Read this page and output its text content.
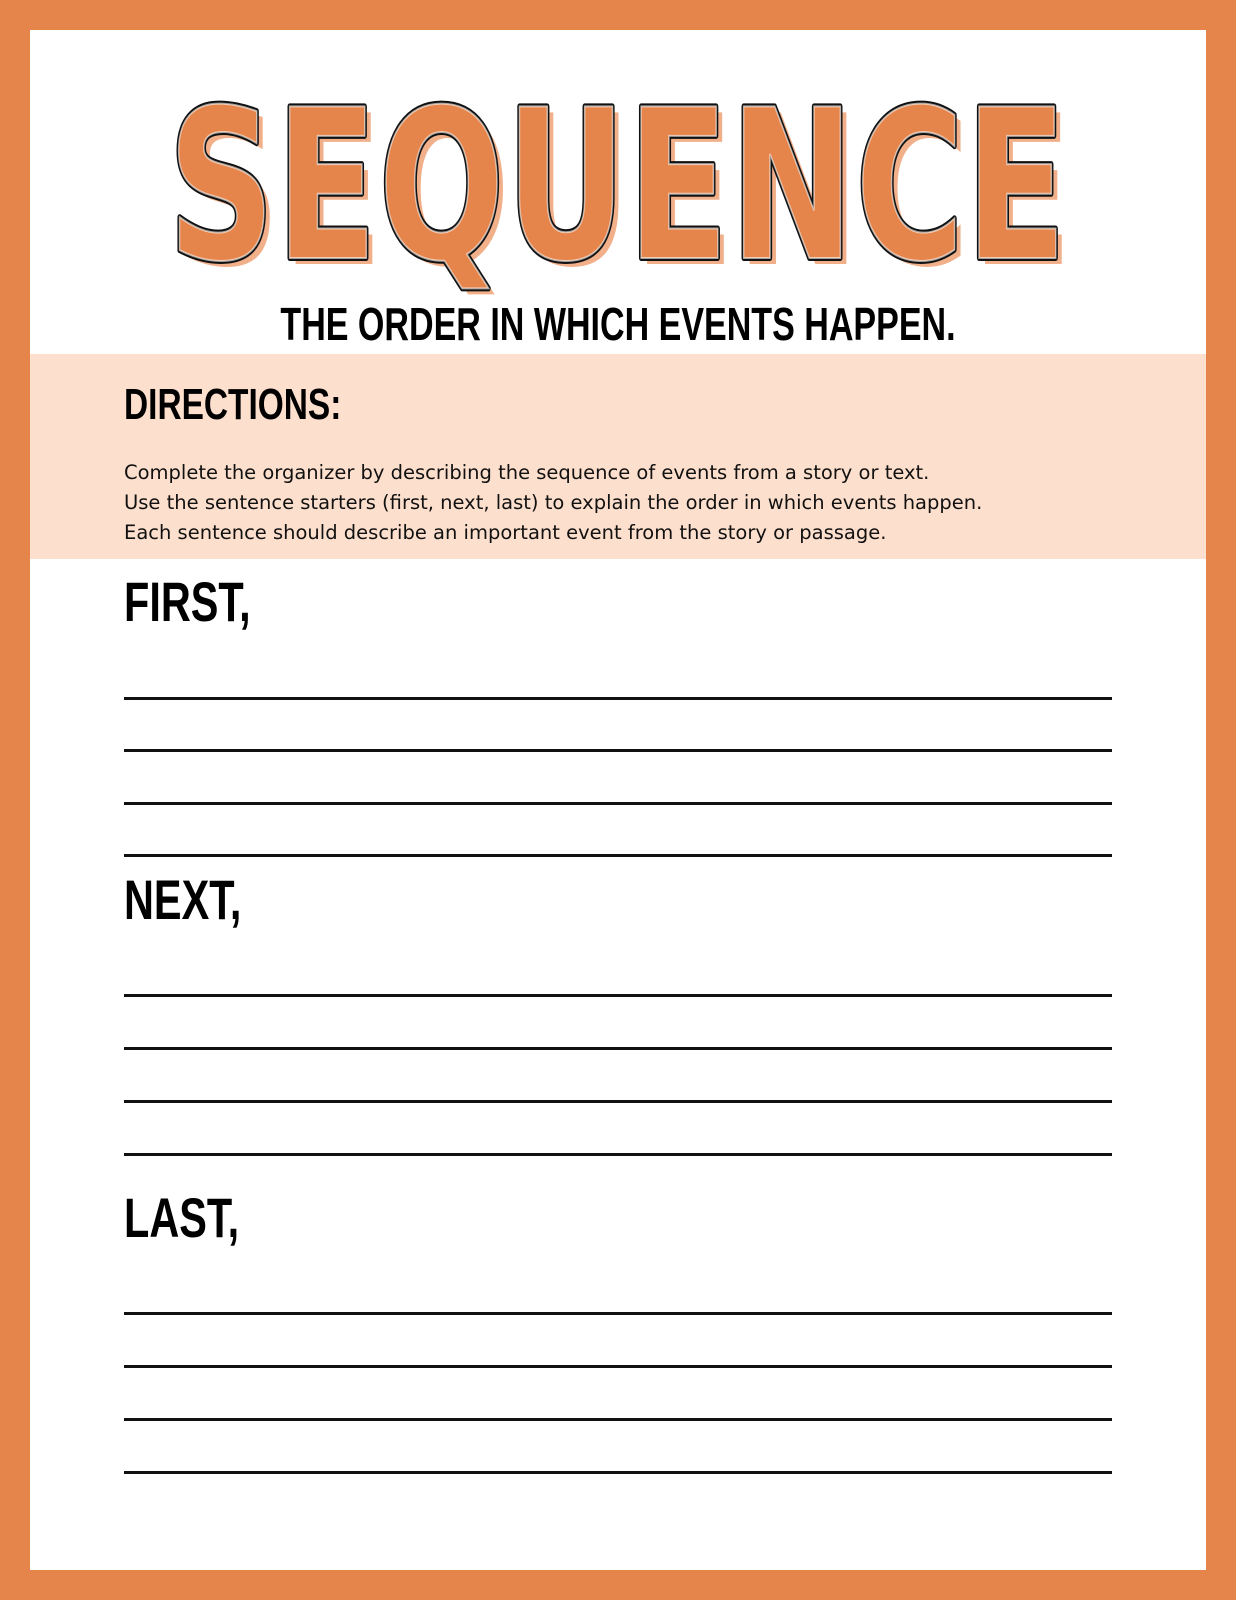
SEQUENCE
SEQUENCE
SEQUENCE
THE ORDER IN WHICH EVENTS HAPPEN.
DIRECTIONS:
Complete the organizer by describing the sequence of events from a story or text.
Use the sentence starters (first, next, last) to explain the order in which events happen.
Each sentence should describe an important event from the story or passage.
FIRST,
NEXT,
LAST,
